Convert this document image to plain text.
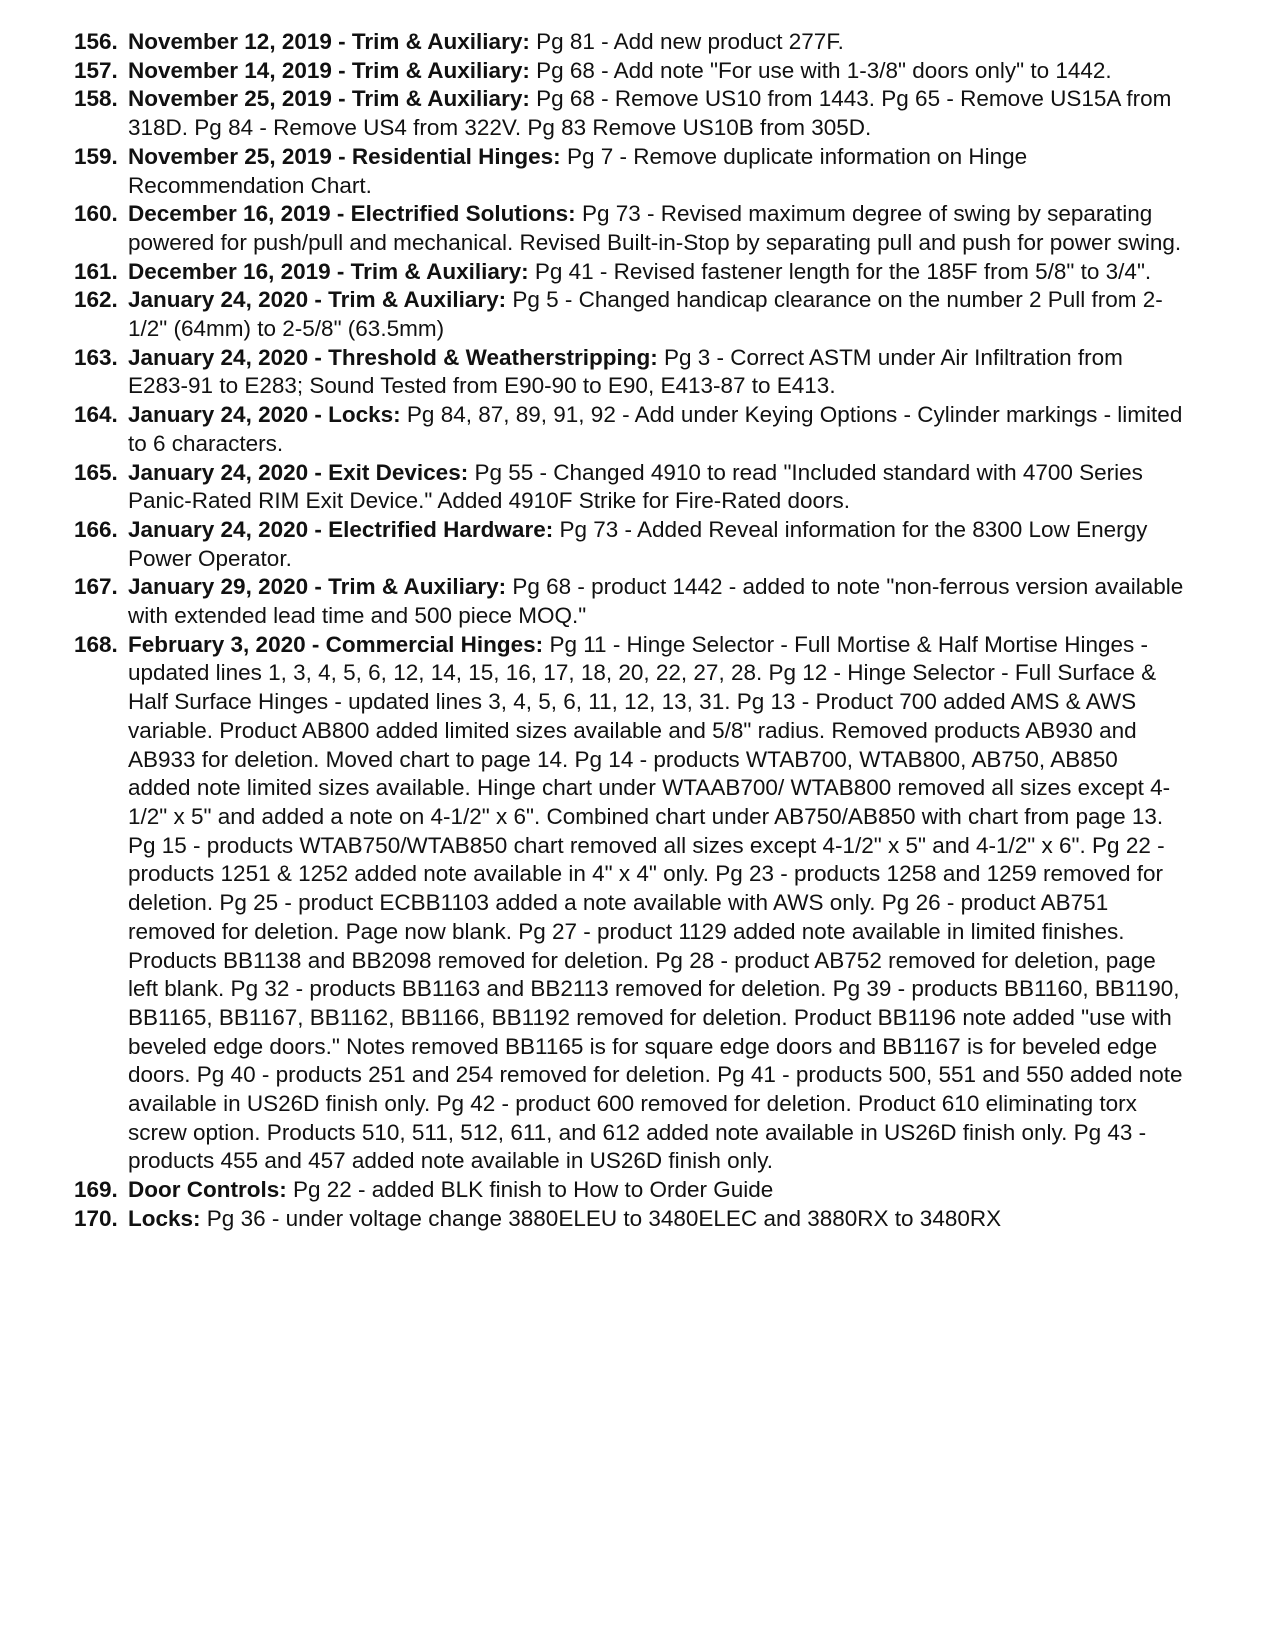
156. November 12, 2019 - Trim & Auxiliary: Pg 81 - Add new product 277F.
157. November 14, 2019 - Trim & Auxiliary: Pg 68 - Add note "For use with 1-3/8" doors only" to 1442.
158. November 25, 2019 - Trim & Auxiliary: Pg 68 - Remove US10 from 1443. Pg 65 - Remove US15A from 318D. Pg 84 - Remove US4 from 322V. Pg 83 Remove US10B from 305D.
159. November 25, 2019 - Residential Hinges: Pg 7 - Remove duplicate information on Hinge Recommendation Chart.
160. December 16, 2019 - Electrified Solutions: Pg 73 - Revised maximum degree of swing by separating powered for push/pull and mechanical. Revised Built-in-Stop by separating pull and push for power swing.
161. December 16, 2019 - Trim & Auxiliary: Pg 41 - Revised fastener length for the 185F from 5/8" to 3/4".
162. January 24, 2020 - Trim & Auxiliary: Pg 5 - Changed handicap clearance on the number 2 Pull from 2-1/2" (64mm) to 2-5/8" (63.5mm)
163. January 24, 2020 - Threshold & Weatherstripping: Pg 3 - Correct ASTM under Air Infiltration from E283-91 to E283; Sound Tested from E90-90 to E90, E413-87 to E413.
164. January 24, 2020 - Locks: Pg 84, 87, 89, 91, 92 - Add under Keying Options - Cylinder markings - limited to 6 characters.
165. January 24, 2020 - Exit Devices: Pg 55 - Changed 4910 to read "Included standard with 4700 Series Panic-Rated RIM Exit Device." Added 4910F Strike for Fire-Rated doors.
166. January 24, 2020 - Electrified Hardware: Pg 73 - Added Reveal information for the 8300 Low Energy Power Operator.
167. January 29, 2020 - Trim & Auxiliary: Pg 68 - product 1442 - added to note "non-ferrous version available with extended lead time and 500 piece MOQ."
168. February 3, 2020 - Commercial Hinges: Pg 11 - Hinge Selector - Full Mortise & Half Mortise Hinges - updated lines 1, 3, 4, 5, 6, 12, 14, 15, 16, 17, 18, 20, 22, 27, 28. Pg 12 - Hinge Selector - Full Surface & Half Surface Hinges - updated lines 3, 4, 5, 6, 11, 12, 13, 31. Pg 13 - Product 700 added AMS & AWS variable. Product AB800 added limited sizes available and 5/8" radius. Removed products AB930 and AB933 for deletion. Moved chart to page 14. Pg 14 - products WTAB700, WTAB800, AB750, AB850 added note limited sizes available. Hinge chart under WTAAB700/ WTAB800 removed all sizes except 4-1/2" x 5" and added a note on 4-1/2" x 6". Combined chart under AB750/AB850 with chart from page 13. Pg 15 - products WTAB750/WTAB850 chart removed all sizes except 4-1/2" x 5" and 4-1/2" x 6". Pg 22 - products 1251 & 1252 added note available in 4" x 4" only. Pg 23 - products 1258 and 1259 removed for deletion. Pg 25 - product ECBB1103 added a note available with AWS only. Pg 26 - product AB751 removed for deletion. Page now blank. Pg 27 - product 1129 added note available in limited finishes. Products BB1138 and BB2098 removed for deletion. Pg 28 - product AB752 removed for deletion, page left blank. Pg 32 - products BB1163 and BB2113 removed for deletion. Pg 39 - products BB1160, BB1190, BB1165, BB1167, BB1162, BB1166, BB1192 removed for deletion. Product BB1196 note added "use with beveled edge doors." Notes removed BB1165 is for square edge doors and BB1167 is for beveled edge doors. Pg 40 - products 251 and 254 removed for deletion. Pg 41 - products 500, 551 and 550 added note available in US26D finish only. Pg 42 - product 600 removed for deletion. Product 610 eliminating torx screw option. Products 510, 511, 512, 611, and 612 added note available in US26D finish only. Pg 43 - products 455 and 457 added note available in US26D finish only.
169. Door Controls: Pg 22 - added BLK finish to How to Order Guide
170. Locks: Pg 36 - under voltage change 3880ELEU to 3480ELEC and 3880RX to 3480RX
